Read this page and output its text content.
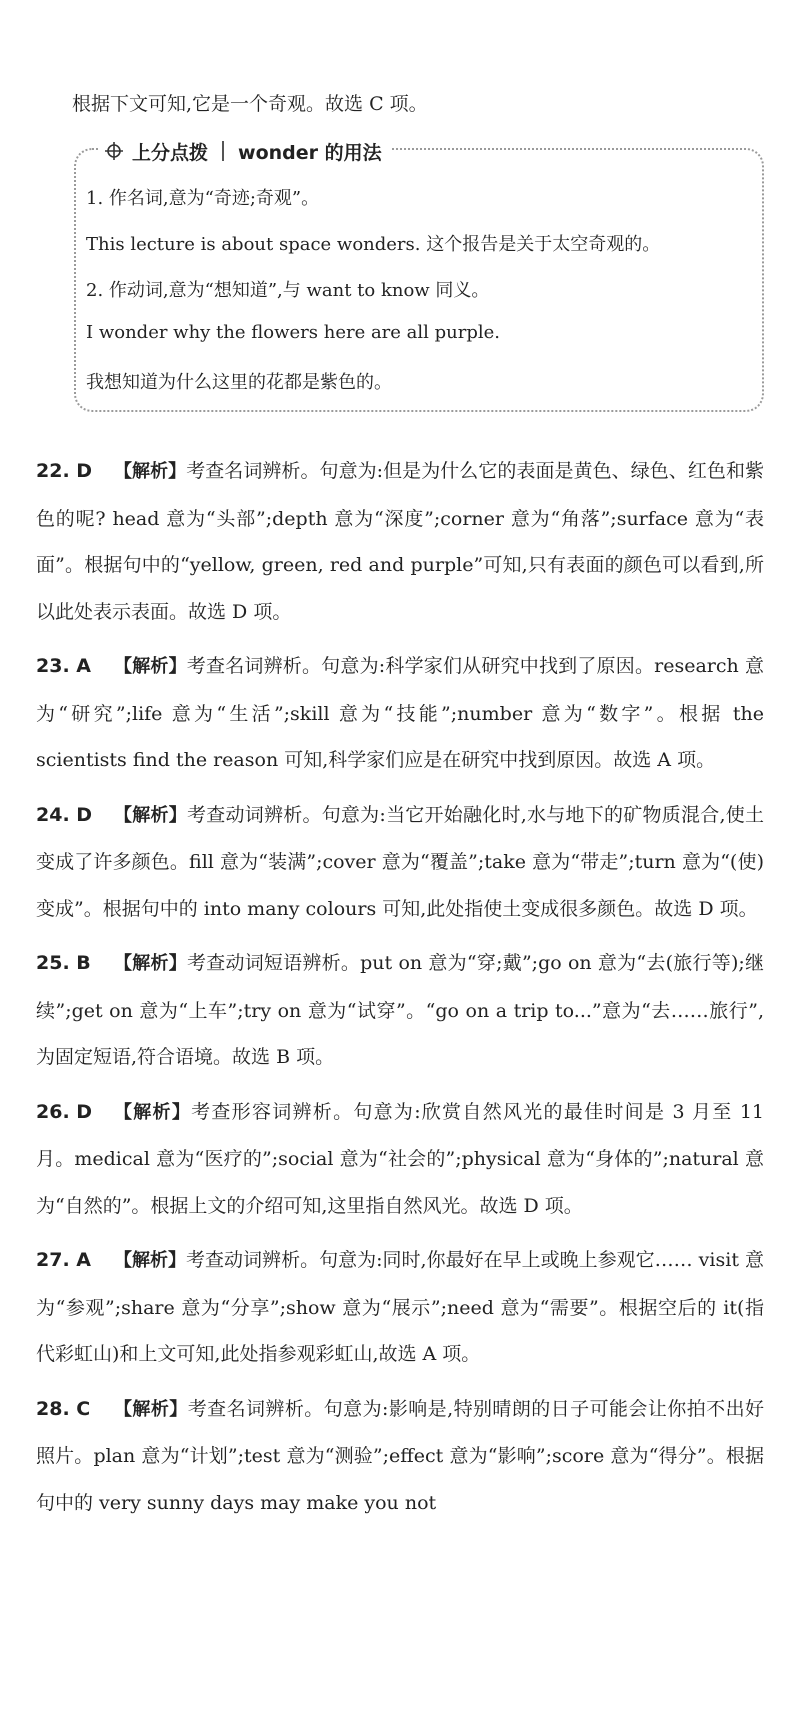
根据下文可知,它是一个奇观。故选 C 项。
上分点拨 wonder 的用法
1. 作名词,意为“奇迹;奇观”。
This lecture is about space wonders. 这个报告是关于太空奇观的。
2. 作动词,意为“想知道”,与 want to know 同义。
I wonder why the flowers here are all purple.
我想知道为什么这里的花都是紫色的。
22. D	【解析】考查名词辨析。句意为:但是为什么它的表面是黄色、绿色、红色和紫色的呢? head 意为“头部”;depth 意为“深度”;corner 意为“角落”;surface 意为“表面”。根据句中的“yellow, green, red and purple”可知,只有表面的颜色可以看到,所以此处表示表面。故选 D 项。
23. A	【解析】考查名词辨析。句意为:科学家们从研究中找到了原因。research 意为“研究”;life 意为“生活”;skill 意为“技能”;number 意为“数字”。根据 the scientists find the reason 可知,科学家们应是在研究中找到原因。故选 A 项。
24. D	【解析】考查动词辨析。句意为:当它开始融化时,水与地下的矿物质混合,使土变成了许多颜色。fill 意为“装满”;cover 意为“覆盖”;take 意为“带走”;turn 意为“(使)变成”。根据句中的 into many colours 可知,此处指使土变成很多颜色。故选 D 项。
25. B	【解析】考查动词短语辨析。put on 意为“穿;戴”;go on 意为“去(旅行等);继续”;get on 意为“上车”;try on 意为“试穿”。“go on a trip to...”意为“去……旅行”,为固定短语,符合语境。故选 B 项。
26. D	【解析】考查形容词辨析。句意为:欣赏自然风光的最佳时间是 3 月至 11 月。medical 意为“医疗的”;social 意为“社会的”;physical 意为“身体的”;natural 意为“自然的”。根据上文的介绍可知,这里指自然风光。故选 D 项。
27. A	【解析】考查动词辨析。句意为:同时,你最好在早上或晚上参观它…… visit 意为“参观”;share 意为“分享”;show 意为“展示”;need 意为“需要”。根据空后的 it(指代彩虹山)和上文可知,此处指参观彩虹山,故选 A 项。
28. C	【解析】考查名词辨析。句意为:影响是,特别晴朗的日子可能会让你拍不出好照片。plan 意为“计划”;test 意为“测验”;effect 意为“影响”;score 意为“得分”。根据句中的 very sunny days may make you not
